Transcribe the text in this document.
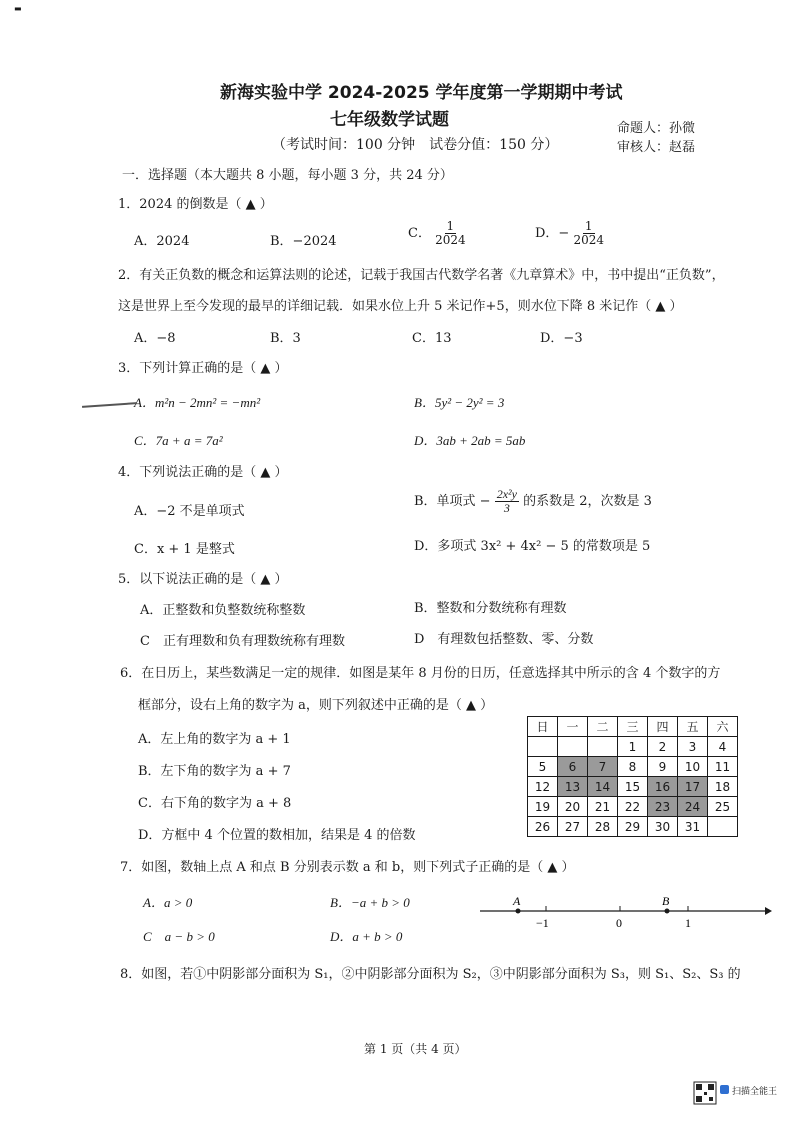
▬
新海实验中学 2024-2025 学年度第一学期期中考试
七年级数学试题
（考试时间：100 分钟　试卷分值：150 分）
命题人：孙微
审核人：赵磊
一．选择题（本大题共 8 小题，每小题 3 分，共 24 分）
1．2024 的倒数是（ ▲ ）
A．2024	B．−2024
C． $\frac{1}{2024}$	D．− $\frac{1}{2024}$
2．有关正负数的概念和运算法则的论述，记载于我国古代数学名著《九章算术》中，书中提出“正负数”，
这是世界上至今发现的最早的详细记载．如果水位上升 5 米记作+5，则水位下降 8 米记作（ ▲ ）
A．−8	B．3	C．13	D．−3
3．下列计算正确的是（ ▲ ）
A．m²n − 2mn² = −mn²	B．5y² − 2y² = 3
C．7a + a = 7a²	D．3ab + 2ab = 5ab
4．下列说法正确的是（ ▲ ）
A．−2 不是单项式
B．单项式 − $\frac{\text{2x²y}}{3}$ 的系数是 2，次数是 3
C．x + 1 是整式	D．多项式 3x² + 4x² − 5 的常数项是 5
5．以下说法正确的是（ ▲ ）
A．正整数和负整数统称整数	B．整数和分数统称有理数
C　正有理数和负有理数统称有理数	D　有理数包括整数、零、分数
6．在日历上，某些数满足一定的规律．如图是某年 8 月份的日历，任意选择其中所示的含 4 个数字的方
框部分，设右上角的数字为 a，则下列叙述中正确的是（ ▲ ）
A．左上角的数字为 a + 1
B．左下角的数字为 a + 7
C．右下角的数字为 a + 8
D．方框中 4 个位置的数相加，结果是 4 的倍数
日	一	二	三	四	五	六
			1	2	3	4
5	6	7	8	9	10	11
12	13	14	15	16	17	18
19	20	21	22	23	24	25
26	27	28	29	30	31	
7．如图，数轴上点 A 和点 B 分别表示数 a 和 b，则下列式子正确的是（ ▲ ）
A．a > 0	B．−a + b > 0
C　a − b > 0	D．a + b > 0
A	B
−1	0	1
8．如图，若①中阴影部分面积为 S₁，②中阴影部分面积为 S₂，③中阴影部分面积为 S₃，则 S₁、S₂、S₃ 的
第 1 页（共 4 页）
扫描全能王
